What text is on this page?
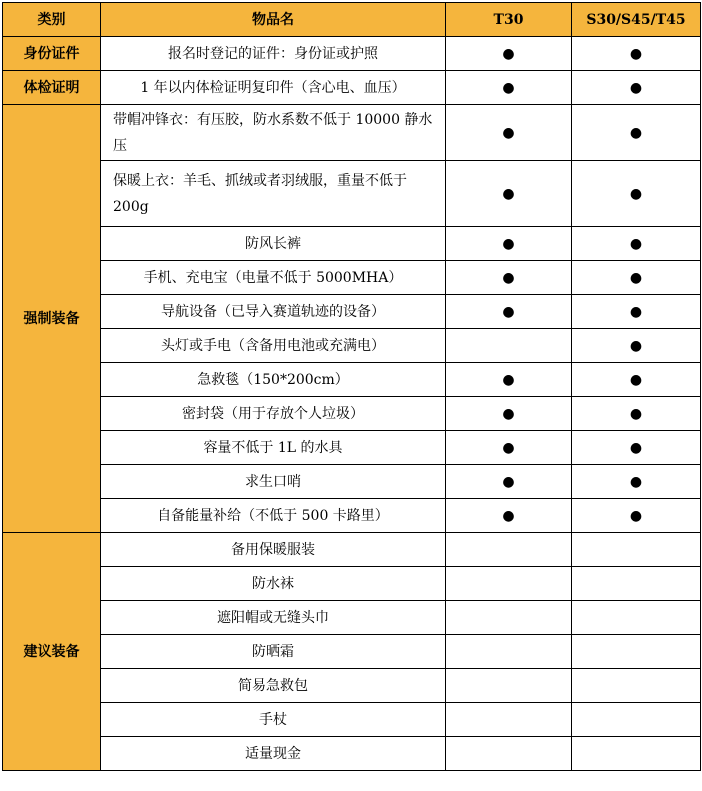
类别	物品名	T30	S30/S45/T45
身份证件	报名时登记的证件：身份证或护照	●	●
体检证明	1 年以内体检证明复印件（含心电、血压）	●	●
强制装备	带帽冲锋衣：有压胶，防水系数不低于 10000 静水压	●	●
	保暖上衣：羊毛、抓绒或者羽绒服，重量不低于 200g	●	●
	防风长裤	●	●
	手机、充电宝（电量不低于 5000MHA）	●	●
	导航设备（已导入赛道轨迹的设备）	●	●
	头灯或手电（含备用电池或充满电）		●
	急救毯（150*200cm）	●	●
	密封袋（用于存放个人垃圾）	●	●
	容量不低于 1L 的水具	●	●
	求生口哨	●	●
	自备能量补给（不低于 500 卡路里）	●	●
建议装备	备用保暖服装		
	防水袜		
	遮阳帽或无缝头巾		
	防晒霜		
	简易急救包		
	手杖		
	适量现金		
